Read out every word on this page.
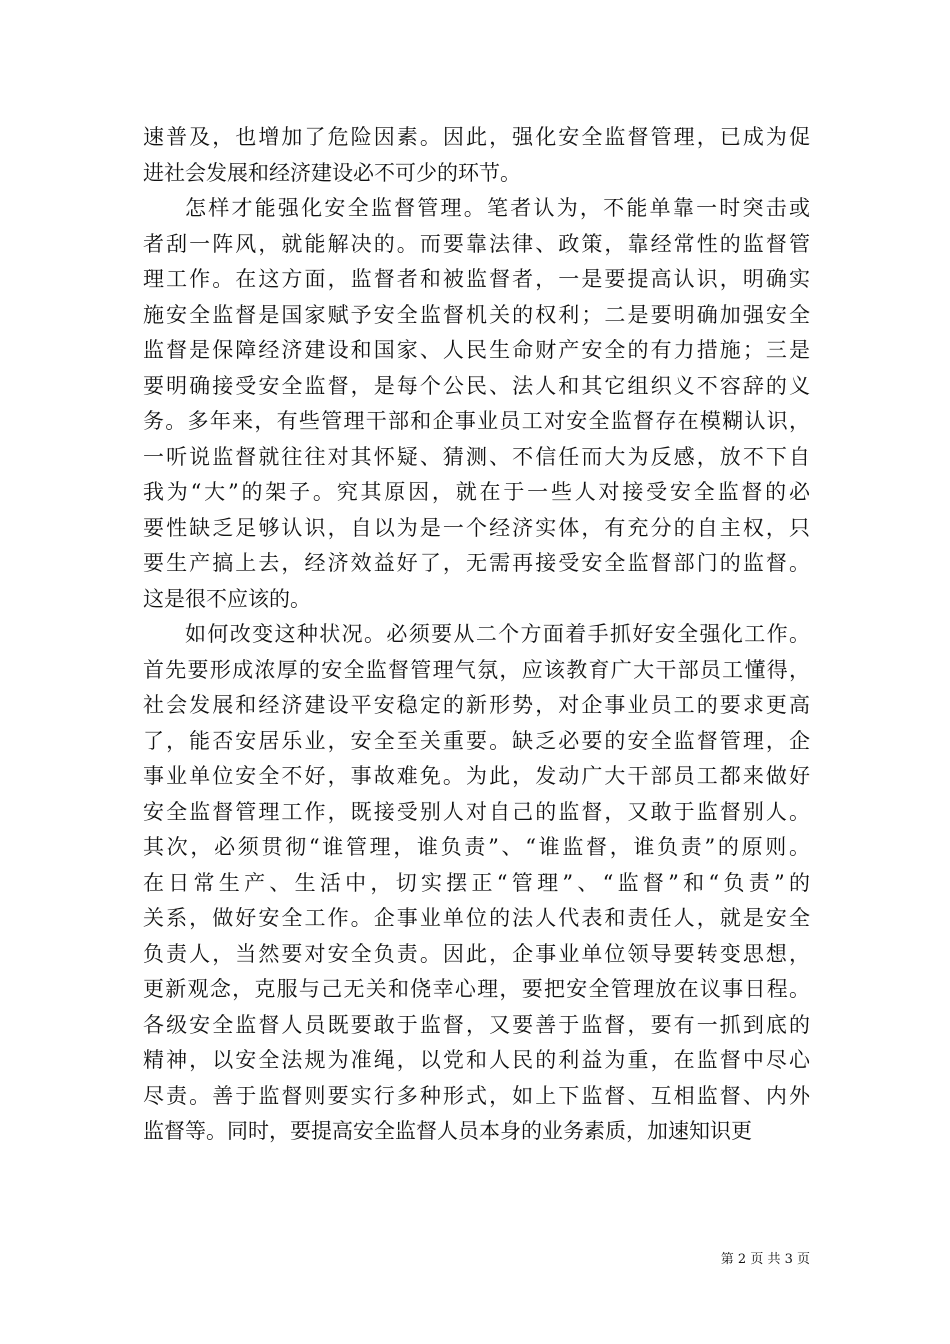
速普及，也增加了危险因素。因此，强化安全监督管理，已成为促
进社会发展和经济建设必不可少的环节。
怎样才能强化安全监督管理。笔者认为，不能单靠一时突击或
者刮一阵风，就能解决的。而要靠法律、政策，靠经常性的监督管
理工作。在这方面，监督者和被监督者，一是要提高认识，明确实
施安全监督是国家赋予安全监督机关的权利；二是要明确加强安全
监督是保障经济建设和国家、人民生命财产安全的有力措施；三是
要明确接受安全监督，是每个公民、法人和其它组织义不容辞的义
务。多年来，有些管理干部和企事业员工对安全监督存在模糊认识，
一听说监督就往往对其怀疑、猜测、不信任而大为反感，放不下自
我为“大”的架子。究其原因，就在于一些人对接受安全监督的必
要性缺乏足够认识，自以为是一个经济实体，有充分的自主权，只
要生产搞上去，经济效益好了，无需再接受安全监督部门的监督。
这是很不应该的。
如何改变这种状况。必须要从二个方面着手抓好安全强化工作。
首先要形成浓厚的安全监督管理气氛，应该教育广大干部员工懂得，
社会发展和经济建设平安稳定的新形势，对企事业员工的要求更高
了，能否安居乐业，安全至关重要。缺乏必要的安全监督管理，企
事业单位安全不好，事故难免。为此，发动广大干部员工都来做好
安全监督管理工作，既接受别人对自己的监督，又敢于监督别人。
其次，必须贯彻“谁管理，谁负责”、“谁监督，谁负责”的原则。
在日常生产、生活中，切实摆正“管理”、“监督”和“负责”的
关系，做好安全工作。企事业单位的法人代表和责任人，就是安全
负责人，当然要对安全负责。因此，企事业单位领导要转变思想，
更新观念，克服与己无关和侥幸心理，要把安全管理放在议事日程。
各级安全监督人员既要敢于监督，又要善于监督，要有一抓到底的
精神，以安全法规为准绳，以党和人民的利益为重，在监督中尽心
尽责。善于监督则要实行多种形式，如上下监督、互相监督、内外
监督等。同时，要提高安全监督人员本身的业务素质，加速知识更
第 2 页 共 3 页
